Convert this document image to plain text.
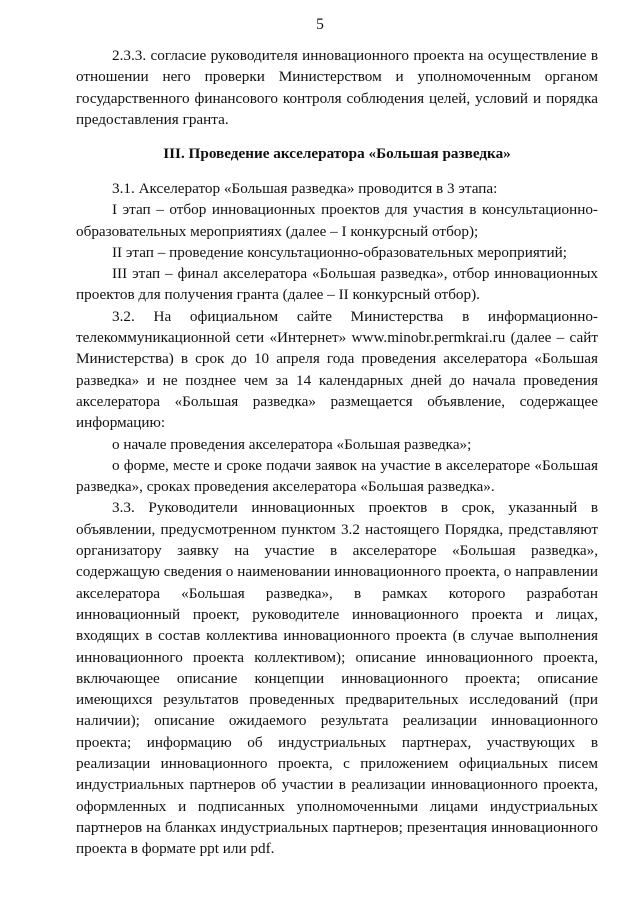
5

2.3.3. согласие руководителя инновационного проекта на осуществление в отношении него проверки Министерством и уполномоченным органом государственного финансового контроля соблюдения целей, условий и порядка предоставления гранта.

III. Проведение акселератора «Большая разведка»

3.1. Акселератор «Большая разведка» проводится в 3 этапа:

I этап – отбор инновационных проектов для участия в консультационно-образовательных мероприятиях (далее – I конкурсный отбор);

II этап – проведение консультационно-образовательных мероприятий;

III этап – финал акселератора «Большая разведка», отбор инновационных проектов для получения гранта (далее – II конкурсный отбор).

3.2. На официальном сайте Министерства в информационно-телекоммуникационной сети «Интернет» www.minobr.permkrai.ru (далее – сайт Министерства) в срок до 10 апреля года проведения акселератора «Большая разведка» и не позднее чем за 14 календарных дней до начала проведения акселератора «Большая разведка» размещается объявление, содержащее информацию:

о начале проведения акселератора «Большая разведка»;

о форме, месте и сроке подачи заявок на участие в акселераторе «Большая разведка», сроках проведения акселератора «Большая разведка».

3.3. Руководители инновационных проектов в срок, указанный в объявлении, предусмотренном пунктом 3.2 настоящего Порядка, представляют организатору заявку на участие в акселераторе «Большая разведка», содержащую сведения о наименовании инновационного проекта, о направлении акселератора «Большая разведка», в рамках которого разработан инновационный проект, руководителе инновационного проекта и лицах, входящих в состав коллектива инновационного проекта (в случае выполнения инновационного проекта коллективом); описание инновационного проекта, включающее описание концепции инновационного проекта; описание имеющихся результатов проведенных предварительных исследований (при наличии); описание ожидаемого результата реализации инновационного проекта; информацию об индустриальных партнерах, участвующих в реализации инновационного проекта, с приложением официальных писем индустриальных партнеров об участии в реализации инновационного проекта, оформленных и подписанных уполномоченными лицами индустриальных партнеров на бланках индустриальных партнеров; презентация инновационного проекта в формате ppt или pdf.
